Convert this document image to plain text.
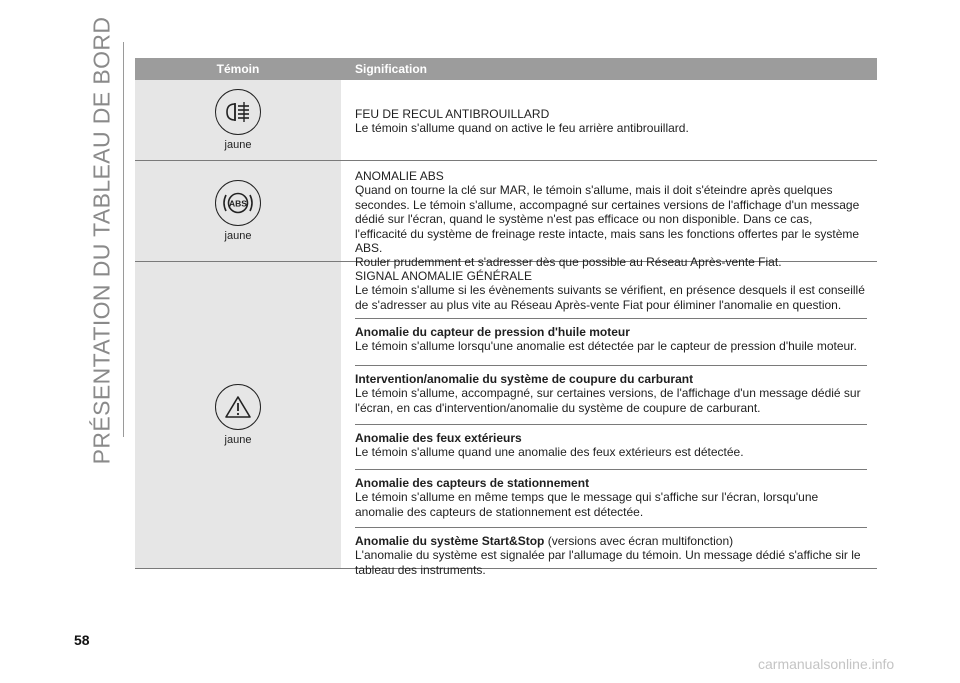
PRÉSENTATION DU TABLEAU DE BORD	Témoin	Signification
jaune
FEU DE RECUL ANTIBROUILLARD
Le témoin s'allume quand on active le feu arrière antibrouillard.
ABS
jaune
ANOMALIE ABS
Quand on tourne la clé sur MAR, le témoin s'allume, mais il doit s'éteindre après quelques secondes. Le témoin s'allume, accompagné sur certaines versions de l'affichage d'un message dédié sur l'écran, quand le système n'est pas efficace ou non disponible. Dans ce cas, l'efficacité du système de freinage reste intacte, mais sans les fonctions offertes par le système ABS.
Rouler prudemment et s'adresser dès que possible au Réseau Après-vente Fiat.
jaune
SIGNAL ANOMALIE GÉNÉRALE
Le témoin s'allume si les évènements suivants se vérifient, en présence desquels il est conseillé de s'adresser au plus vite au Réseau Après-vente Fiat pour éliminer l'anomalie en question.
Anomalie du capteur de pression d'huile moteur
Le témoin s'allume lorsqu'une anomalie est détectée par le capteur de pression d'huile moteur.
Intervention/anomalie du système de coupure du carburant
Le témoin s'allume, accompagné, sur certaines versions, de l'affichage d'un message dédié sur l'écran, en cas d'intervention/anomalie du système de coupure de carburant.
Anomalie des feux extérieurs
Le témoin s'allume quand une anomalie des feux extérieurs est détectée.
Anomalie des capteurs de stationnement
Le témoin s'allume en même temps que le message qui s'affiche sur l'écran, lorsqu'une anomalie des capteurs de stationnement est détectée.
Anomalie du système Start&Stop (versions avec écran multifonction)
L'anomalie du système est signalée par l'allumage du témoin. Un message dédié s'affiche sir le tableau des instruments.
58
carmanualsonline.info
